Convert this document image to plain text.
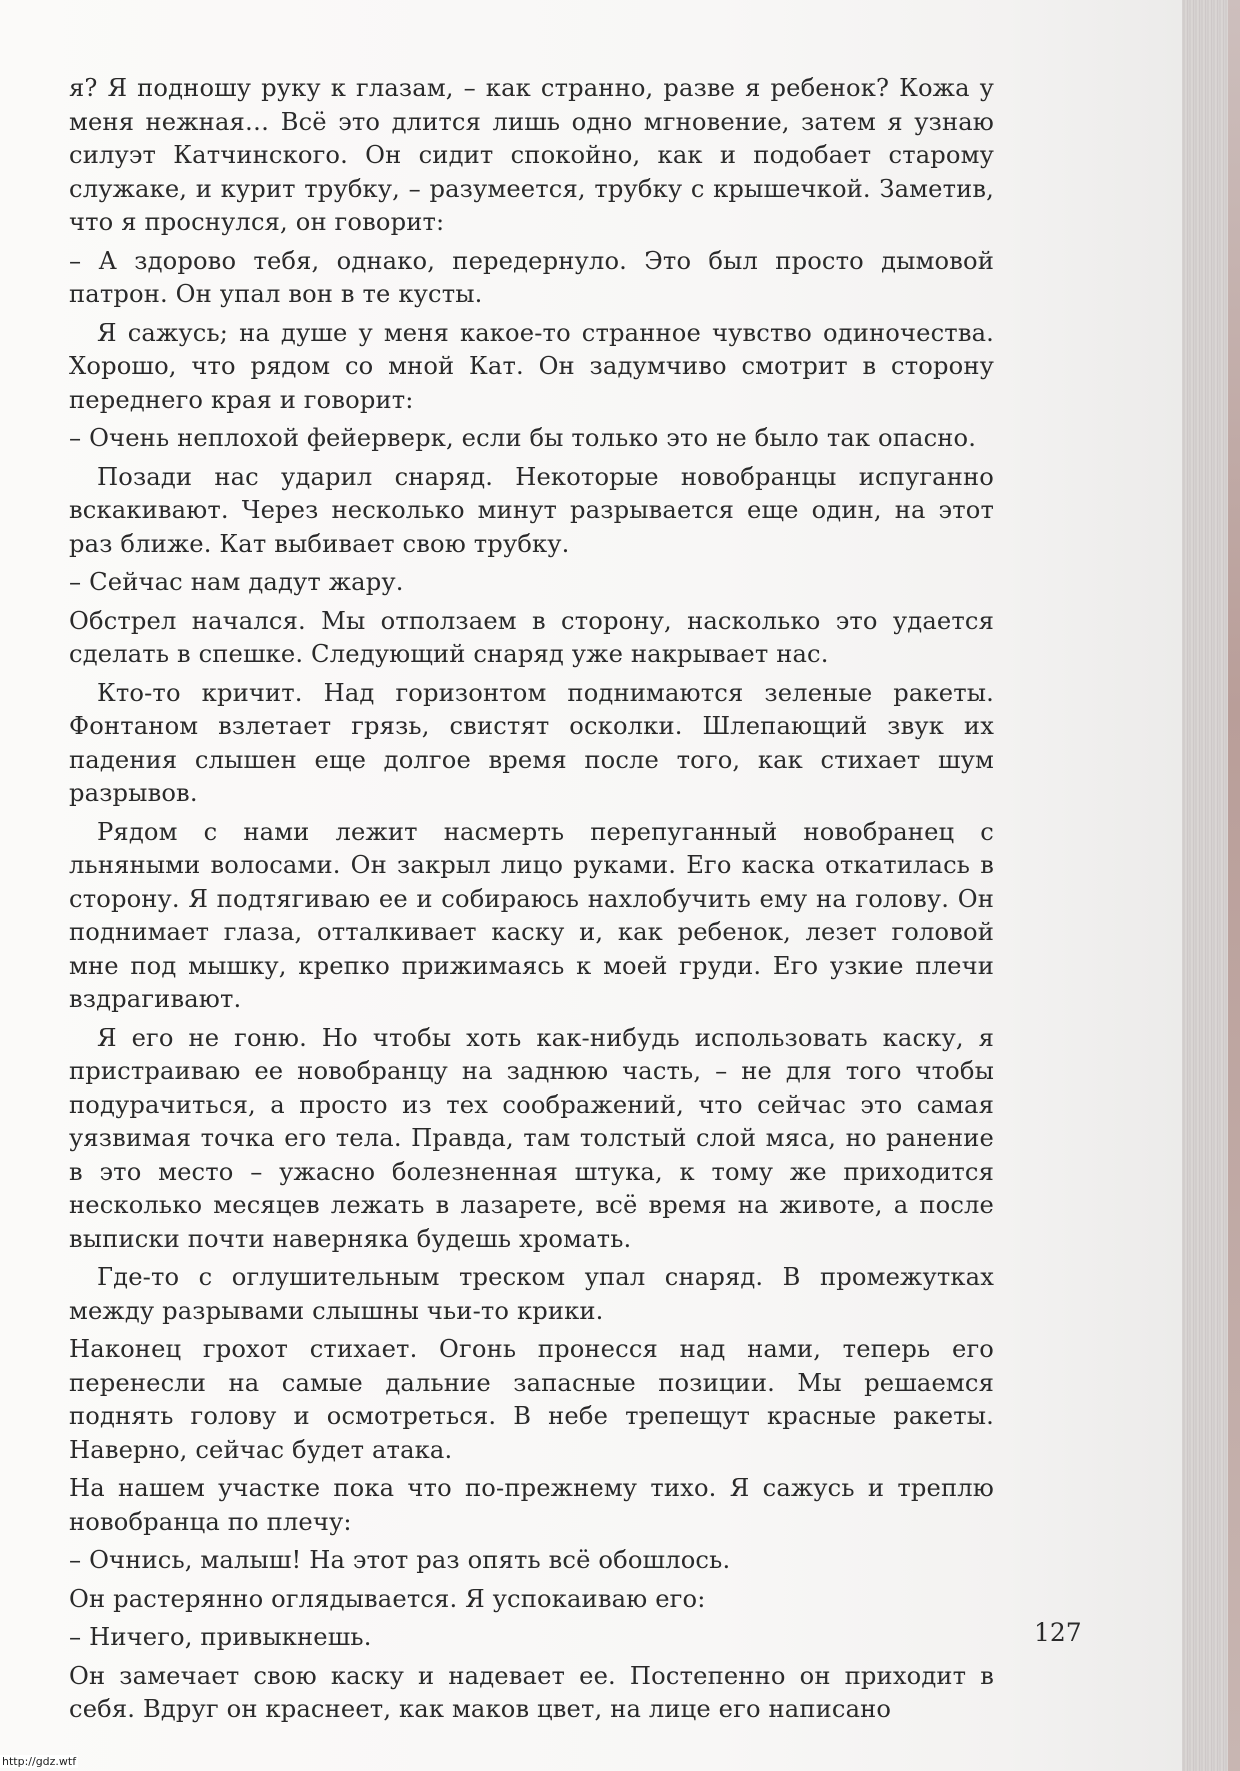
я? Я подношу руку к глазам, – как странно, разве я ребенок? Кожа у меня нежная… Всё это длится лишь одно мгновение, затем я узнаю силуэт Катчинского. Он сидит спокойно, как и подобает старому служаке, и курит трубку, – разумеется, трубку с крышечкой. Заметив, что я проснулся, он говорит:

– А здорово тебя, однако, передернуло. Это был просто дымовой патрон. Он упал вон в те кусты.

Я сажусь; на душе у меня какое-то странное чувство одиночества. Хорошо, что рядом со мной Кат. Он задумчиво смотрит в сторону переднего края и говорит:

– Очень неплохой фейерверк, если бы только это не было так опасно.

Позади нас ударил снаряд. Некоторые новобранцы испуганно вскакивают. Через несколько минут разрывается еще один, на этот раз ближе. Кат выбивает свою трубку.

– Сейчас нам дадут жару.

Обстрел начался. Мы отползаем в сторону, насколько это удается сделать в спешке. Следующий снаряд уже накрывает нас.

Кто-то кричит. Над горизонтом поднимаются зеленые ракеты. Фонтаном взлетает грязь, свистят осколки. Шлепающий звук их падения слышен еще долгое время после того, как стихает шум разрывов.

Рядом с нами лежит насмерть перепуганный новобранец с льняными волосами. Он закрыл лицо руками. Его каска откатилась в сторону. Я подтягиваю ее и собираюсь нахлобучить ему на голову. Он поднимает глаза, отталкивает каску и, как ребенок, лезет головой мне под мышку, крепко прижимаясь к моей груди. Его узкие плечи вздрагивают.

Я его не гоню. Но чтобы хоть как-нибудь использовать каску, я пристраиваю ее новобранцу на заднюю часть, – не для того чтобы подурачиться, а просто из тех соображений, что сейчас это самая уязвимая точка его тела. Правда, там толстый слой мяса, но ранение в это место – ужасно болезненная штука, к тому же приходится несколько месяцев лежать в лазарете, всё время на животе, а после выписки почти наверняка будешь хромать.

Где-то с оглушительным треском упал снаряд. В промежутках между разрывами слышны чьи-то крики.

Наконец грохот стихает. Огонь пронесся над нами, теперь его перенесли на самые дальние запасные позиции. Мы решаемся поднять голову и осмотреться. В небе трепещут красные ракеты. Наверно, сейчас будет атака.

На нашем участке пока что по-прежнему тихо. Я сажусь и треплю новобранца по плечу:

– Очнись, малыш! На этот раз опять всё обошлось.

Он растерянно оглядывается. Я успокаиваю его:

– Ничего, привыкнешь.

Он замечает свою каску и надевает ее. Постепенно он приходит в себя. Вдруг он краснеет, как маков цвет, на лице его написано

127
http://gdz.wtf
